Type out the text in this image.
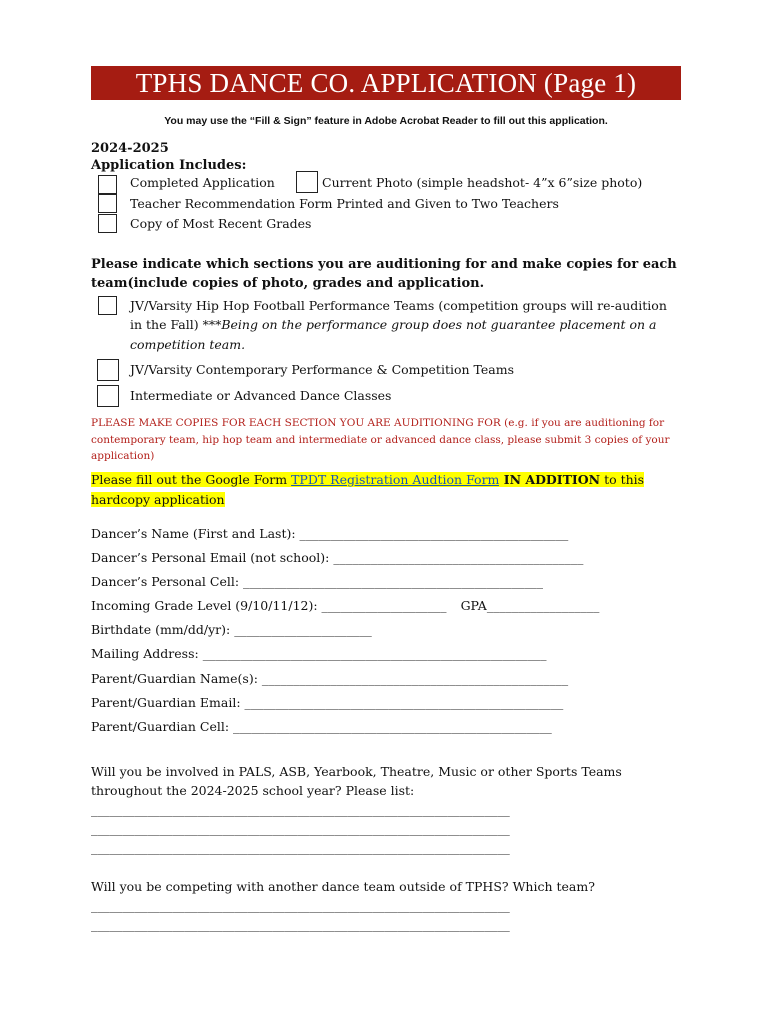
TPHS DANCE CO. APPLICATION (Page 1)
You may use the “Fill & Sign” feature in Adobe Acrobat Reader to fill out this application.
2024-2025
Application Includes:
Completed Application	Current Photo (simple headshot- 4”x 6”size photo)
Teacher Recommendation Form Printed and Given to Two Teachers
Copy of Most Recent Grades
Please indicate which sections you are auditioning for and make copies for each team(include copies of photo, grades and application.
JV/Varsity Hip Hop Football Performance Teams (competition groups will re-audition in the Fall) ***Being on the performance group does not guarantee placement on a competition team.
JV/Varsity Contemporary Performance & Competition Teams
Intermediate or Advanced Dance Classes
PLEASE MAKE COPIES FOR EACH SECTION YOU ARE AUDITIONING FOR (e.g. if you are auditioning for contemporary team, hip hop team and intermediate or advanced dance class, please submit 3 copies of your application)
Please fill out the Google Form TPDT Registration Audtion Form IN ADDITION to this hardcopy application
Dancer’s Name (First and Last): ___________________________________________
Dancer’s Personal Email (not school): ________________________________________
Dancer’s Personal Cell: ________________________________________________
Incoming Grade Level (9/10/11/12): ____________________ GPA__________________
Birthdate (mm/dd/yr): ______________________
Mailing Address: _______________________________________________________
Parent/Guardian Name(s): _________________________________________________
Parent/Guardian Email: ___________________________________________________
Parent/Guardian Cell: ___________________________________________________
Will you be involved in PALS, ASB, Yearbook, Theatre, Music or other Sports Teams throughout the 2024-2025 school year? Please list:
___________________________________________________________________
___________________________________________________________________
___________________________________________________________________
Will you be competing with another dance team outside of TPHS? Which team?
___________________________________________________________________
___________________________________________________________________
